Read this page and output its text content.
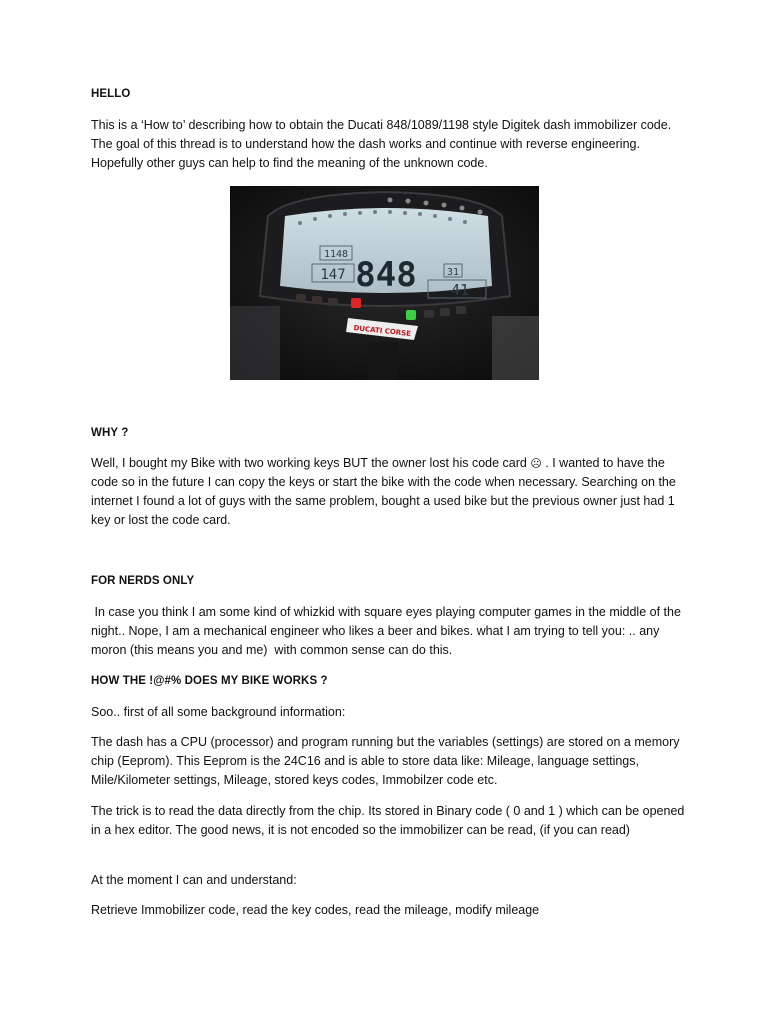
HELLO
This is a ‘How to’ describing how to obtain the Ducati 848/1089/1198 style Digitek dash immobilizer code. The goal of this thread is to understand how the dash works and continue with reverse engineering. Hopefully other guys can help to find the meaning of the unknown code.
1148
147 848	31
41
DUCATI CORSE
WHY ?
Well, I bought my Bike with two working keys BUT the owner lost his code card ☹ . I wanted to have the code so in the future I can copy the keys or start the bike with the code when necessary. Searching on the internet I found a lot of guys with the same problem, bought a used bike but the previous owner just had 1 key or lost the code card.
FOR NERDS ONLY
In case you think I am some kind of whizkid with square eyes playing computer games in the middle of the night.. Nope, I am a mechanical engineer who likes a beer and bikes. what I am trying to tell you: .. any moron (this means you and me)  with common sense can do this.
HOW THE !@#% DOES MY BIKE WORKS ?
Soo.. first of all some background information:
The dash has a CPU (processor) and program running but the variables (settings) are stored on a memory chip (Eeprom). This Eeprom is the 24C16 and is able to store data like: Mileage, language settings, Mile/Kilometer settings, Mileage, stored keys codes, Immobilzer code etc.
The trick is to read the data directly from the chip. Its stored in Binary code ( 0 and 1 ) which can be opened in a hex editor. The good news, it is not encoded so the immobilizer can be read, (if you can read)
At the moment I can and understand:
Retrieve Immobilizer code, read the key codes, read the mileage, modify mileage
